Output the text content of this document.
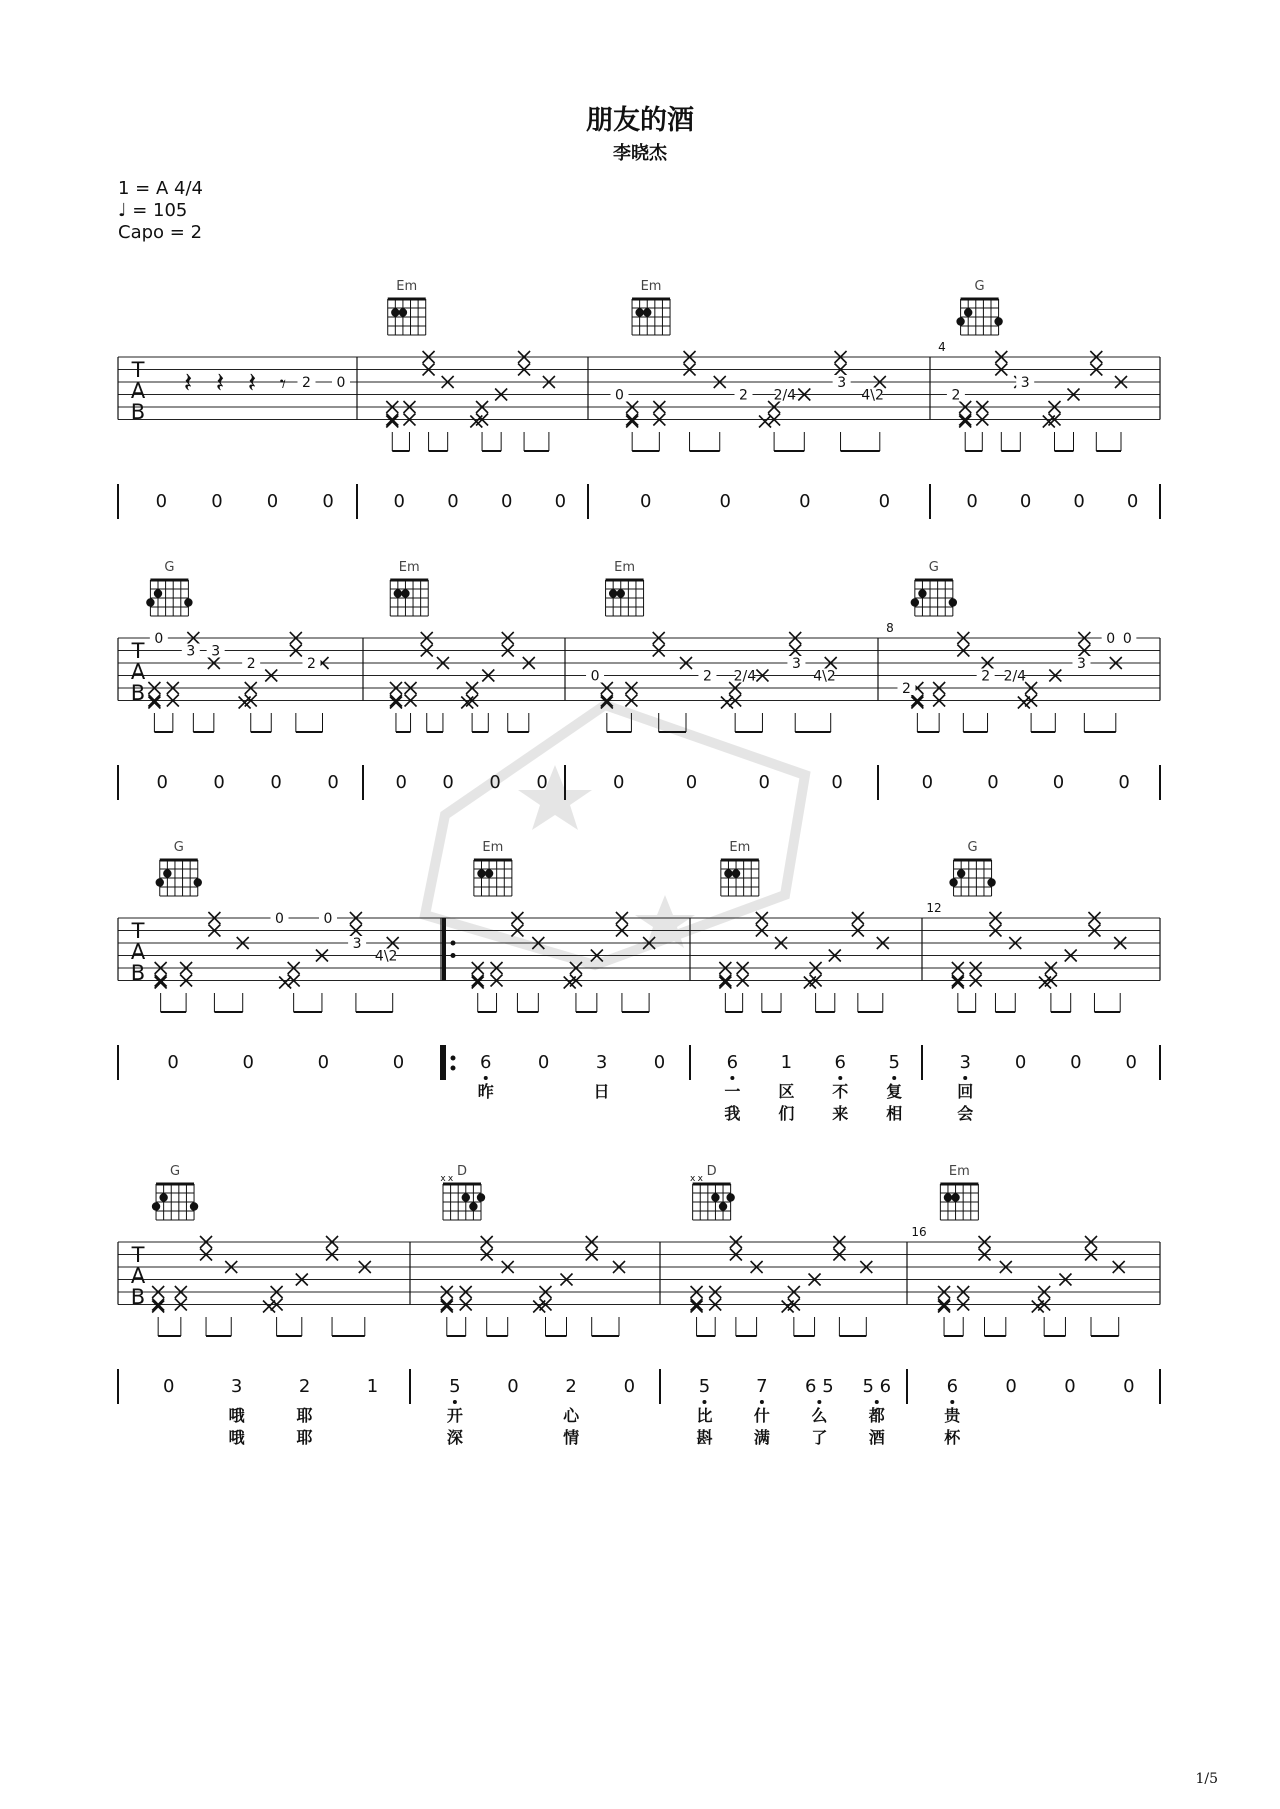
朋友的酒
李晓杰
1 = A 4/4
♩ = 105
Capo = 2
T
A
B
Em	Em	G
𝄽 𝄽 𝄽 𝄾 2 0
0 0 0 0	0 0 0 0
0	2 2/4
3
4\2
0	0	0	0
4
2
3
0 0 0 0
T
A
B
G	Em	Em	G
0
3 3
2	2
0	0	0	0	0 0 0 0
0	2 2/4
3
4\2
0	0	0	0
8
2
2 2/4
3
0 0
0	0	0	0
T
A
B
G	Em	Em	G
0	0
3
4\2
0	0	0	0	6
昨
0	3
日
0	6
一
我
1
区
们
6
不
来
5
复
相
12
3
回
会
0 0 0
T
A
B
G	D
x x	D
x x	Em
0	3
哦
哦
2
耶
耶
1	5
开
深
0	2
心
情
0	5
比
斟
7
什
满
6 5
么
了
5 6
都
酒
16
6
贵
杯
0	0	0
1/5
